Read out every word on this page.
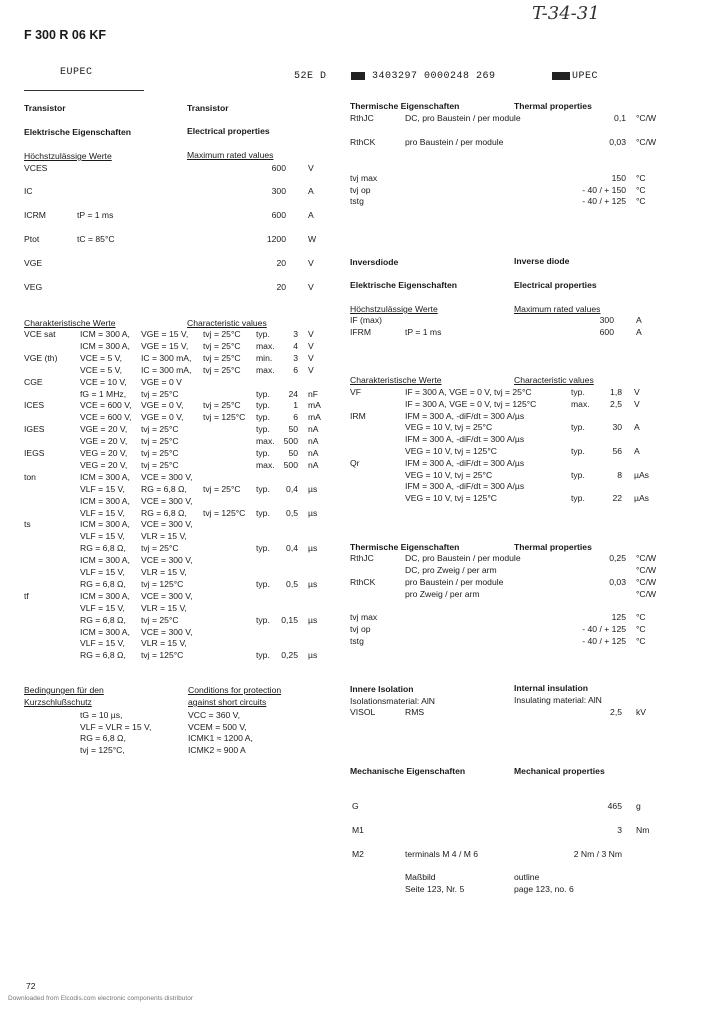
F 300 R 06 KF
T-34-31
EUPEC	52E D	3403297 0000248 269	UPEC
Transistor	Transistor
Elektrische Eigenschaften	Electrical properties
Höchstzulässige Werte	Maximum rated values
VCES	600	V
IC	300	A
ICRM	tP = 1 ms	600	A
Ptot	tC = 85°C	1200	W
VGE	20	V
VEG	20	V
Charakteristische Werte	Characteristic values
VCE sat	ICM = 300 A, VGE = 15 V, tvj = 25°C typ.	3 V
ICM = 300 A, VGE = 15 V, tvj = 25°C max.	4 V
VGE (th)	VCE = 5 V, IC = 300 mA, tvj = 25°C min.	3 V
VCE = 5 V, IC = 300 mA, tvj = 25°C max.	6 V
CGE	VCE = 10 V, VGE = 0 V
fG = 1 MHz, tvj = 25°C	typ.	24 nF
ICES	VCE = 600 V, VGE = 0 V, tvj = 25°C typ.	1 mA
VCE = 600 V, VGE = 0 V, tvj = 125°C typ.	6 mA
IGES	VGE = 20 V, tvj = 25°C	typ.	50 nA
VGE = 20 V, tvj = 25°C	max.	500 nA
IEGS	VEG = 20 V, tvj = 25°C	typ.	50 nA
VEG = 20 V, tvj = 25°C	max.	500 nA
ton	ICM = 300 A, VCE = 300 V,
VLF = 15 V, RG = 6,8 Ω, tvj = 25°C typ.	0,4 µs
ICM = 300 A, VCE = 300 V,
VLF = 15 V, RG = 6,8 Ω, tvj = 125°C typ.	0,5 µs
ts	ICM = 300 A, VCE = 300 V,
VLF = 15 V, VLR = 15 V,
RG = 6,8 Ω, tvj = 25°C	typ.	0,4 µs
ICM = 300 A, VCE = 300 V,
VLF = 15 V, VLR = 15 V,
RG = 6,8 Ω, tvj = 125°C	typ.	0,5 µs
tf	ICM = 300 A, VCE = 300 V,
VLF = 15 V, VLR = 15 V,
RG = 6,8 Ω, tvj = 25°C	typ.	0,15 µs
ICM = 300 A, VCE = 300 V,
VLF = 15 V, VLR = 15 V,
RG = 6,8 Ω, tvj = 125°C	typ.	0,25 µs
Bedingungen für den
Kurzschlußschutz
Conditions for protection
against short circuits
tG = 10 µs,	VCC = 360 V,
VLF = VLR = 15 V,	VCEM = 500 V,
RG = 6,8 Ω,	ICMK1 ≈ 1200 A,
tvj = 125°C,	ICMK2 ≈ 900 A
Thermische Eigenschaften	Thermal properties
RthJC	DC, pro Baustein / per module	0,1 °C/W
RthCK	pro Baustein / per module	0,03 °C/W
tvj max	150 °C
tvj op	- 40 / + 150 °C
tstg	- 40 / + 125 °C
Inversdiode	Inverse diode
Elektrische Eigenschaften	Electrical properties
Höchstzulässige Werte	Maximum rated values
IF (max)	300	A
IFRM	tP = 1 ms	600	A
Charakteristische Werte	Characteristic values
VF	IF = 300 A, VGE = 0 V, tvj = 25°C	typ.	1,8 V
IF = 300 A, VGE = 0 V, tvj = 125°C	max.	2,5 V
IRM	IFM = 300 A, -diF/dt = 300 A/µs
VEG = 10 V, tvj = 25°C	typ.	30 A
IFM = 300 A, -diF/dt = 300 A/µs
VEG = 10 V, tvj = 125°C	typ.	56 A
Qr	IFM = 300 A, -diF/dt = 300 A/µs
VEG = 10 V, tvj = 25°C	typ.	8 µAs
IFM = 300 A, -diF/dt = 300 A/µs
VEG = 10 V, tvj = 125°C	typ.	22 µAs
Thermische Eigenschaften	Thermal properties
RthJC	DC, pro Baustein / per module	0,25 °C/W
DC, pro Zweig / per arm	°C/W
RthCK	pro Baustein / per module	0,03 °C/W
pro Zweig / per arm	°C/W
tvj max	125 °C
tvj op	- 40 / + 125 °C
tstg	- 40 / + 125 °C
Innere Isolation	Internal insulation
Isolationsmaterial: AlN	Insulating material: AlN
VISOL	RMS	2,5 kV
Mechanische Eigenschaften	Mechanical properties
G	465 g
M1	3 Nm
M2	terminals M 4 / M 6	2 Nm / 3 Nm
Maßbild	outline
Seite 123, Nr. 5	page 123, no. 6
72
Downloaded from Elcodis.com electronic components distributor
